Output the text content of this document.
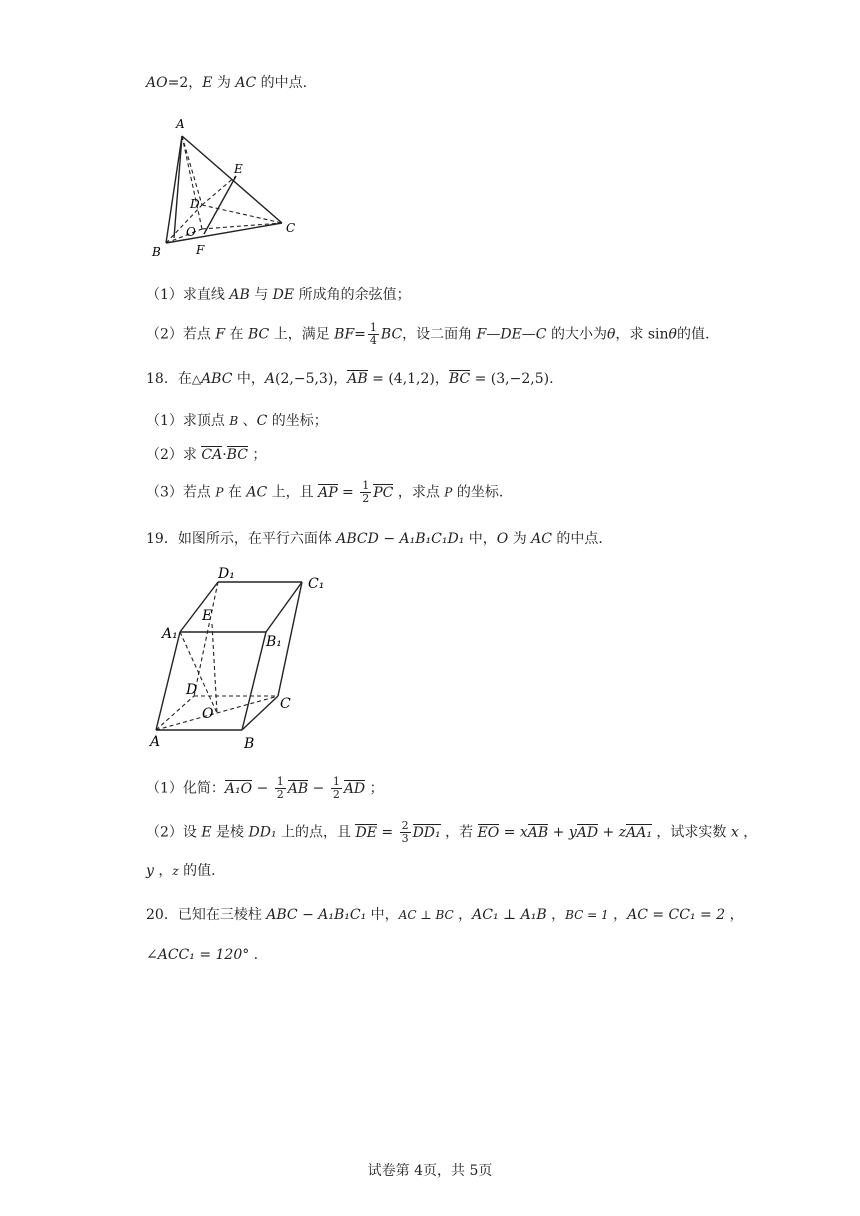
AO=2，E 为 AC 的中点.
A
E
D
O
B	F
C
（1）求直线 AB 与 DE 所成角的余弦值；
（2）若点 F 在 BC 上，满足 $BF= \frac{1}{4}$ BC，设二面角 F—DE—C 的大小为θ，求 sinθ的值.
18．在△ABC 中，A(2,−5,3)，AB = (4,1,2)，BC = (3,−2,5).
（1）求顶点 B 、C 的坐标；
（2）求 CA·BC ；
（3）若点 P 在 AC 上，且 AP = $\frac{1}{2}$ PC ，求点 P 的坐标.
19．如图所示，在平行六面体 ABCD − A₁B₁C₁D₁ 中，O 为 AC 的中点.
D₁
C₁
A₁	B₁
E
D
O
C
A	B
（1）化简：$A_1O - \frac{1}{2}$ AB − $\frac{1}{2}$ AD ；
（2）设 E 是棱 DD₁ 上的点，且 DE = $\frac{2}{3} DD_1$ ，若 EO = xAB + yAD + zAA₁ ，试求实数 x ，
y ，z 的值.
20．已知在三棱柱 ABC − A₁B₁C₁ 中，AC ⊥ BC ，AC₁ ⊥ A₁B ，BC = 1 ，AC = CC₁ = 2 ，
∠ACC₁ = 120° .
试卷第 4页，共 5页
